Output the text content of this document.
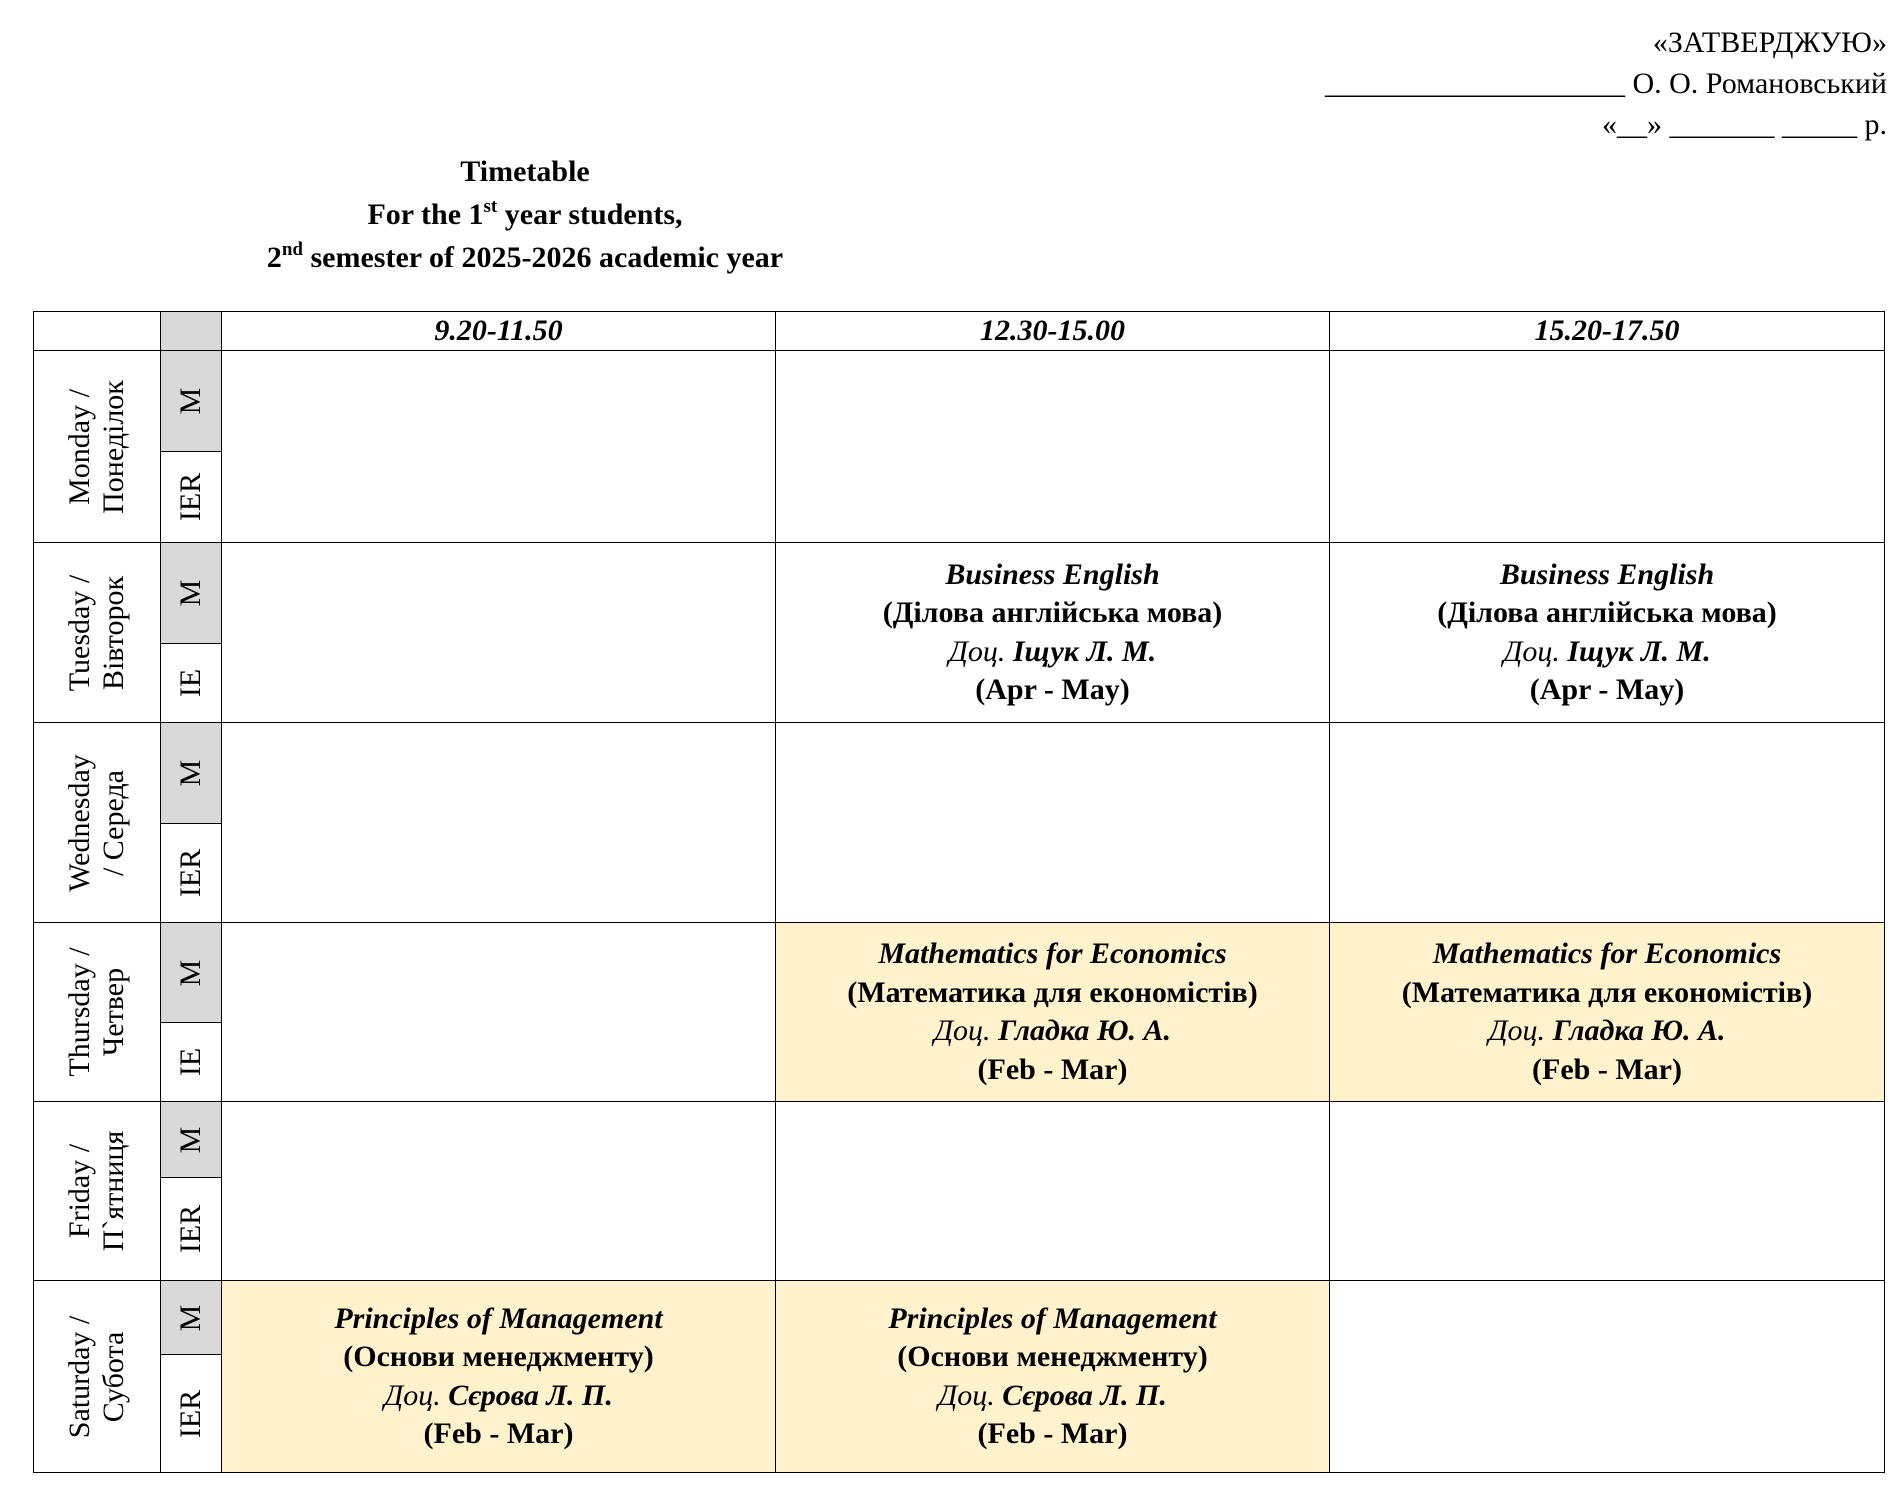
«ЗАТВЕРДЖУЮ»
____________________ О. О. Романовський
«__» _______ _____ р.
Timetable
For the 1st year students,
2nd semester of 2025-2026 academic year
		9.20-11.50	12.30-15.00	15.20-17.50

Monday /
Понеділок	M			

	IER			

Tuesday /
Вівторок	M		Business English
(Ділова англійська мова)
Доц. Іщук Л. М.
(Apr - May)	Business English
(Ділова англійська мова)
Доц. Іщук Л. М.
(Apr - May)

	IE			

Wednesday
/ Середа	M			

	IER			

Thursday /
Четвер	M		Mathematics for Economics
(Математика для економістів)
Доц. Гладка Ю. А.
(Feb - Mar)	Mathematics for Economics
(Математика для економістів)
Доц. Гладка Ю. А.
(Feb - Mar)

	IE			

Friday /
П`ятниця	M			

	IER			

Saturday /
Субота	M	Principles of Management
(Основи менеджменту)
Доц. Сєрова Л. П.
(Feb - Mar)	Principles of Management
(Основи менеджменту)
Доц. Сєрова Л. П.
(Feb - Mar)	

	IER			
